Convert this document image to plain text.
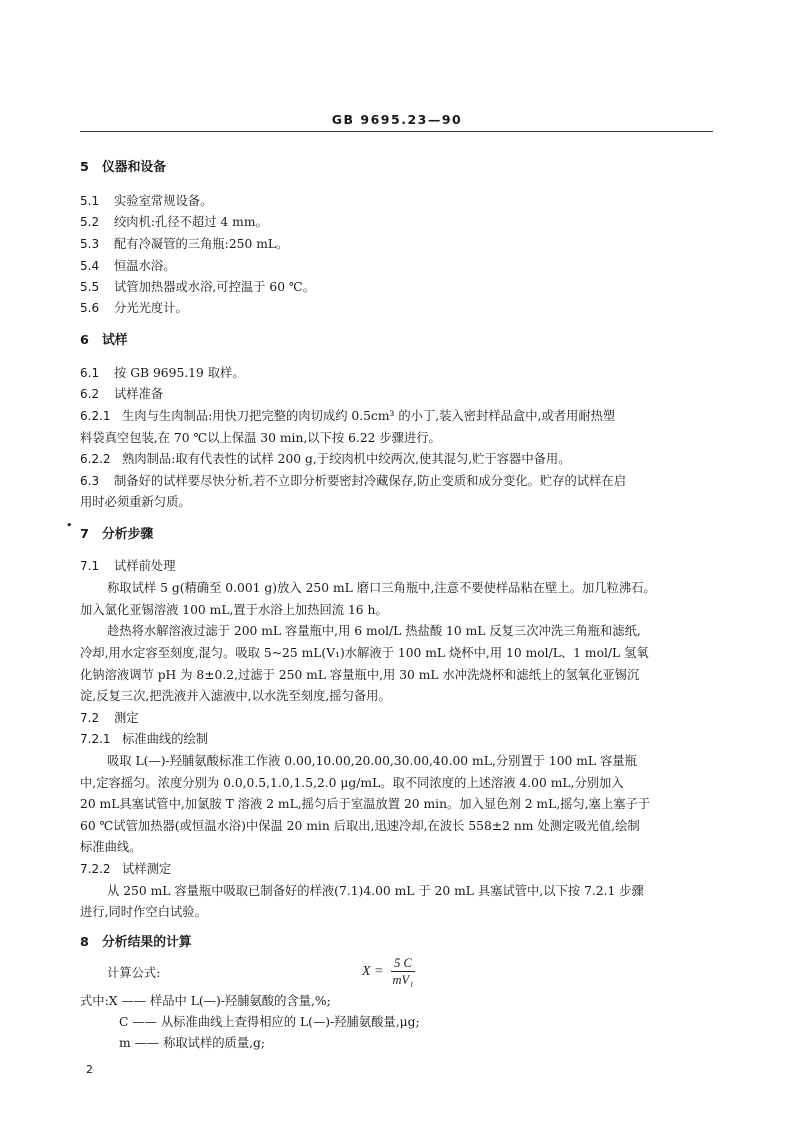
GB 9695.23—90
5 仪器和设备
5.1 实验室常规设备。
5.2 绞肉机:孔径不超过 4 mm。
5.3 配有冷凝管的三角瓶:250 mL。
5.4 恒温水浴。
5.5 试管加热器或水浴,可控温于 60 ℃。
5.6 分光光度计。
6 试样
6.1 按 GB 9695.19 取样。
6.2 试样准备
6.2.1 生肉与生肉制品:用快刀把完整的肉切成约 0.5cm³ 的小丁,装入密封样品盒中,或者用耐热塑
料袋真空包装,在 70 ℃以上保温 30 min,以下按 6.22 步骤进行。
6.2.2 熟肉制品:取有代表性的试样 200 g,于绞肉机中绞两次,使其混匀,贮于容器中备用。
6.3 制备好的试样要尽快分析,若不立即分析要密封冷藏保存,防止变质和成分变化。贮存的试样在启
用时必须重新匀质。
•
7 分析步骤
7.1 试样前处理
称取试样 5 g(精确至 0.001 g)放入 250 mL 磨口三角瓶中,注意不要使样品粘在壁上。加几粒沸石。
加入氯化亚锡溶液 100 mL,置于水浴上加热回流 16 h。
趁热将水解溶液过滤于 200 mL 容量瓶中,用 6 mol/L 热盐酸 10 mL 反复三次冲洗三角瓶和滤纸,
冷却,用水定容至刻度,混匀。吸取 5~25 mL(V₁)水解液于 100 mL 烧杯中,用 10 mol/L、1 mol/L 氢氧
化钠溶液调节 pH 为 8±0.2,过滤于 250 mL 容量瓶中,用 30 mL 水冲洗烧杯和滤纸上的氢氧化亚锡沉
淀,反复三次,把洗液并入滤液中,以水洗至刻度,摇匀备用。
7.2 测定
7.2.1 标准曲线的绘制
吸取 L(—)-羟脯氨酸标准工作液 0.00,10.00,20.00,30.00,40.00 mL,分别置于 100 mL 容量瓶
中,定容摇匀。浓度分别为 0.0,0.5,1.0,1.5,2.0 μg/mL。取不同浓度的上述溶液 4.00 mL,分别加入
20 mL具塞试管中,加氯胺 T 溶液 2 mL,摇匀后于室温放置 20 min。加入显色剂 2 mL,摇匀,塞上塞子于
60 ℃试管加热器(或恒温水浴)中保温 20 min 后取出,迅速冷却,在波长 558±2 nm 处测定吸光值,绘制
标准曲线。
7.2.2 试样测定
从 250 mL 容量瓶中吸取已制备好的样液(7.1)4.00 mL 于 20 mL 具塞试管中,以下按 7.2.1 步骤
进行,同时作空白试验。
8 分析结果的计算
计算公式:	$X = \frac{5 C}{\text{mV₁}}$
式中:X —— 样品中 L(—)-羟脯氨酸的含量,%;
C —— 从标准曲线上查得相应的 L(—)-羟脯氨酸量,μg;
m —— 称取试样的质量,g;
2
